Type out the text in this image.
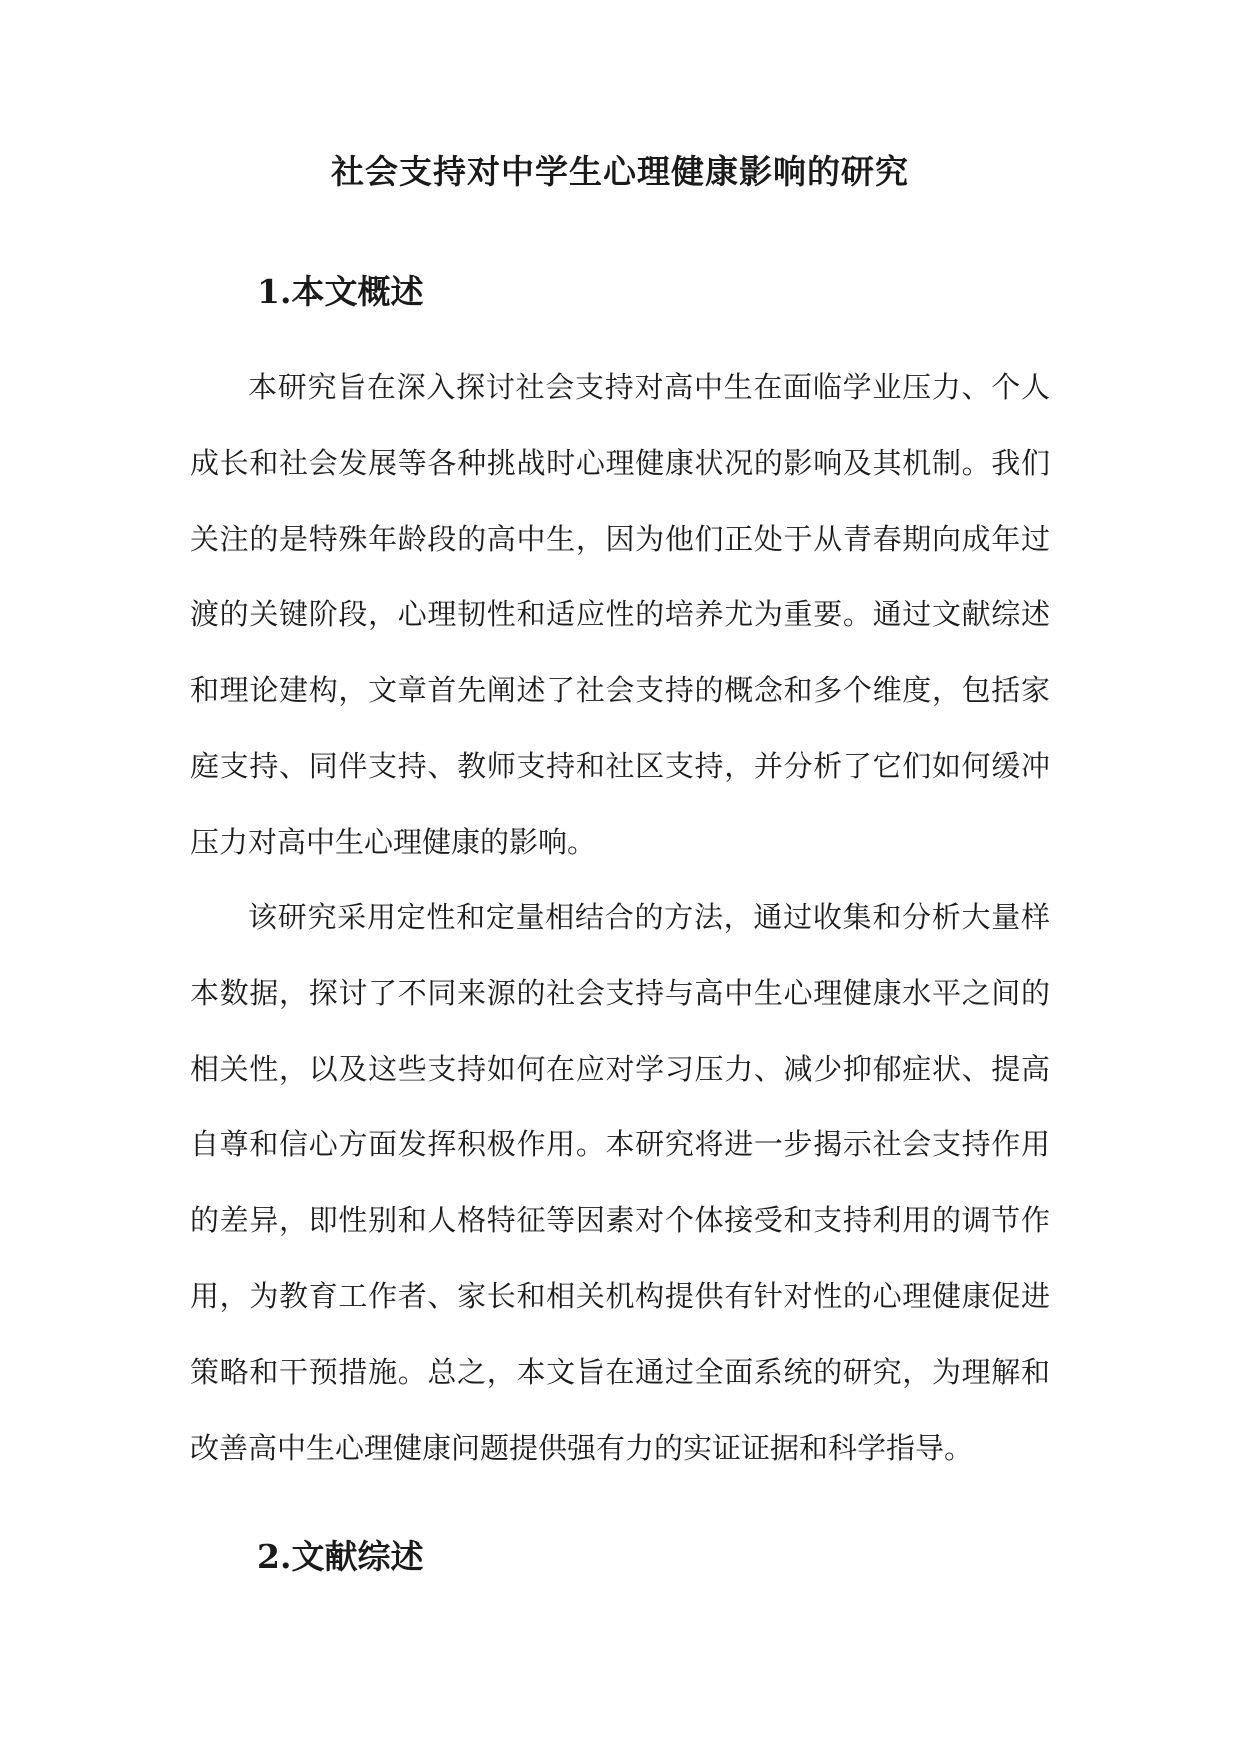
社会支持对中学生心理健康影响的研究
1.本文概述

本研究旨在深入探讨社会支持对高中生在面临学业压力、个人成长和社会发展等各种挑战时心理健康状况的影响及其机制。我们关注的是特殊年龄段的高中生，因为他们正处于从青春期向成年过渡的关键阶段，心理韧性和适应性的培养尤为重要。通过文献综述和理论建构，文章首先阐述了社会支持的概念和多个维度，包括家庭支持、同伴支持、教师支持和社区支持，并分析了它们如何缓冲压力对高中生心理健康的影响。

该研究采用定性和定量相结合的方法，通过收集和分析大量样本数据，探讨了不同来源的社会支持与高中生心理健康水平之间的相关性，以及这些支持如何在应对学习压力、减少抑郁症状、提高自尊和信心方面发挥积极作用。本研究将进一步揭示社会支持作用的差异，即性别和人格特征等因素对个体接受和支持利用的调节作用，为教育工作者、家长和相关机构提供有针对性的心理健康促进策略和干预措施。总之，本文旨在通过全面系统的研究，为理解和改善高中生心理健康问题提供强有力的实证证据和科学指导。

2.文献综述
